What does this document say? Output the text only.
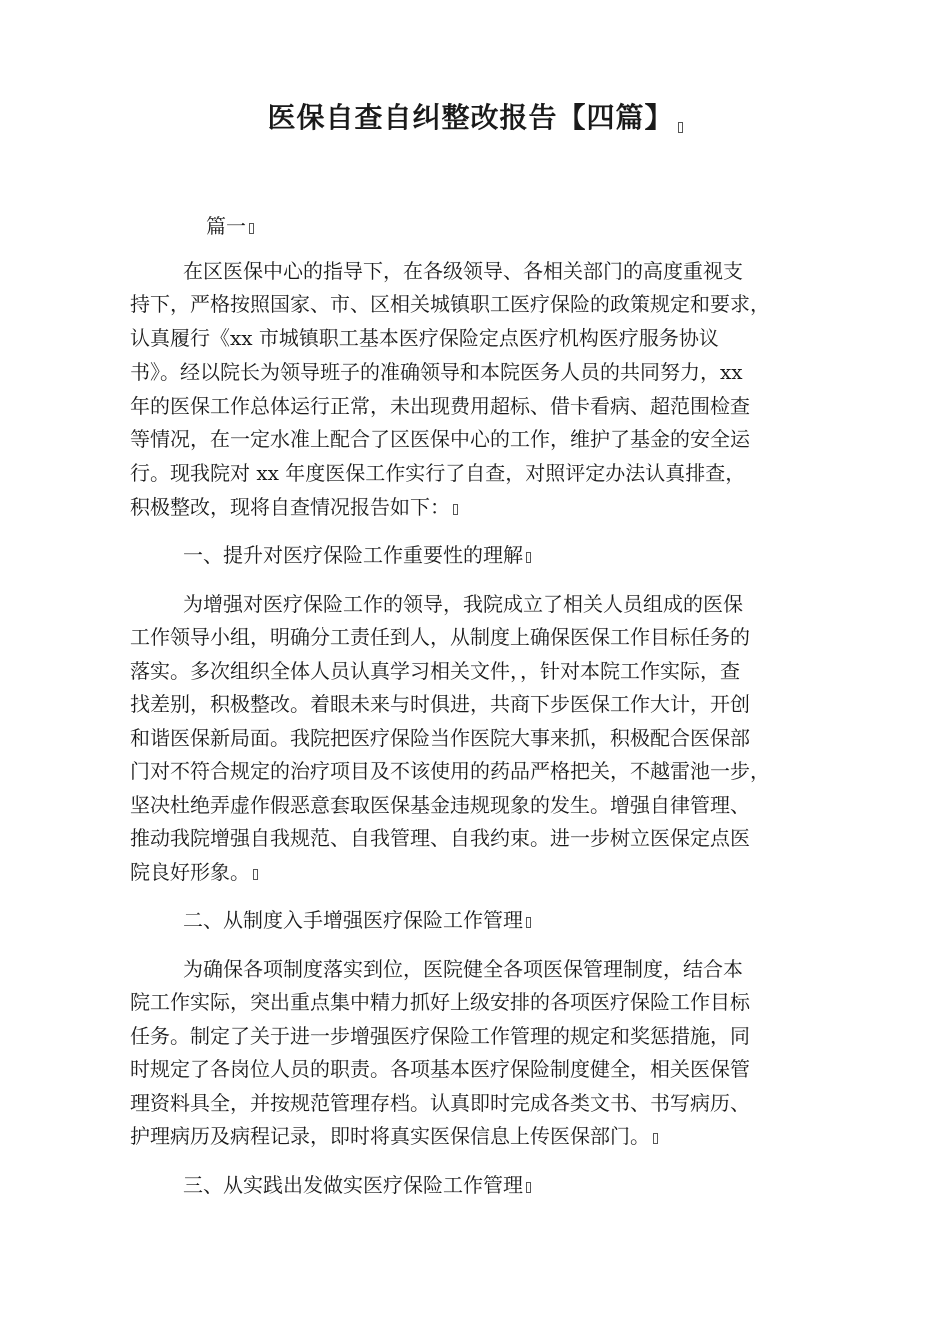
医保自查自纠整改报告【四篇】
篇一
在区医保中心的指导下，在各级领导、各相关部门的高度重视支
持下，严格按照国家、市、区相关城镇职工医疗保险的政策规定和要求，
认真履行《xx 市城镇职工基本医疗保险定点医疗机构医疗服务协议
书》。经以院长为领导班子的准确领导和本院医务人员的共同努力，xx
年的医保工作总体运行正常，未出现费用超标、借卡看病、超范围检查
等情况，在一定水准上配合了区医保中心的工作，维护了基金的安全运
行。现我院对 xx 年度医保工作实行了自查，对照评定办法认真排查，
积极整改，现将自查情况报告如下：
一、提升对医疗保险工作重要性的理解
为增强对医疗保险工作的领导，我院成立了相关人员组成的医保
工作领导小组，明确分工责任到人，从制度上确保医保工作目标任务的
落实。多次组织全体人员认真学习相关文件，，针对本院工作实际，查
找差别，积极整改。着眼未来与时俱进，共商下步医保工作大计，开创
和谐医保新局面。我院把医疗保险当作医院大事来抓，积极配合医保部
门对不符合规定的治疗项目及不该使用的药品严格把关，不越雷池一步，
坚决杜绝弄虚作假恶意套取医保基金违规现象的发生。增强自律管理、
推动我院增强自我规范、自我管理、自我约束。进一步树立医保定点医
院良好形象。
二、从制度入手增强医疗保险工作管理
为确保各项制度落实到位，医院健全各项医保管理制度，结合本
院工作实际，突出重点集中精力抓好上级安排的各项医疗保险工作目标
任务。制定了关于进一步增强医疗保险工作管理的规定和奖惩措施，同
时规定了各岗位人员的职责。各项基本医疗保险制度健全，相关医保管
理资料具全，并按规范管理存档。认真即时完成各类文书、书写病历、
护理病历及病程记录，即时将真实医保信息上传医保部门。
三、从实践出发做实医疗保险工作管理
